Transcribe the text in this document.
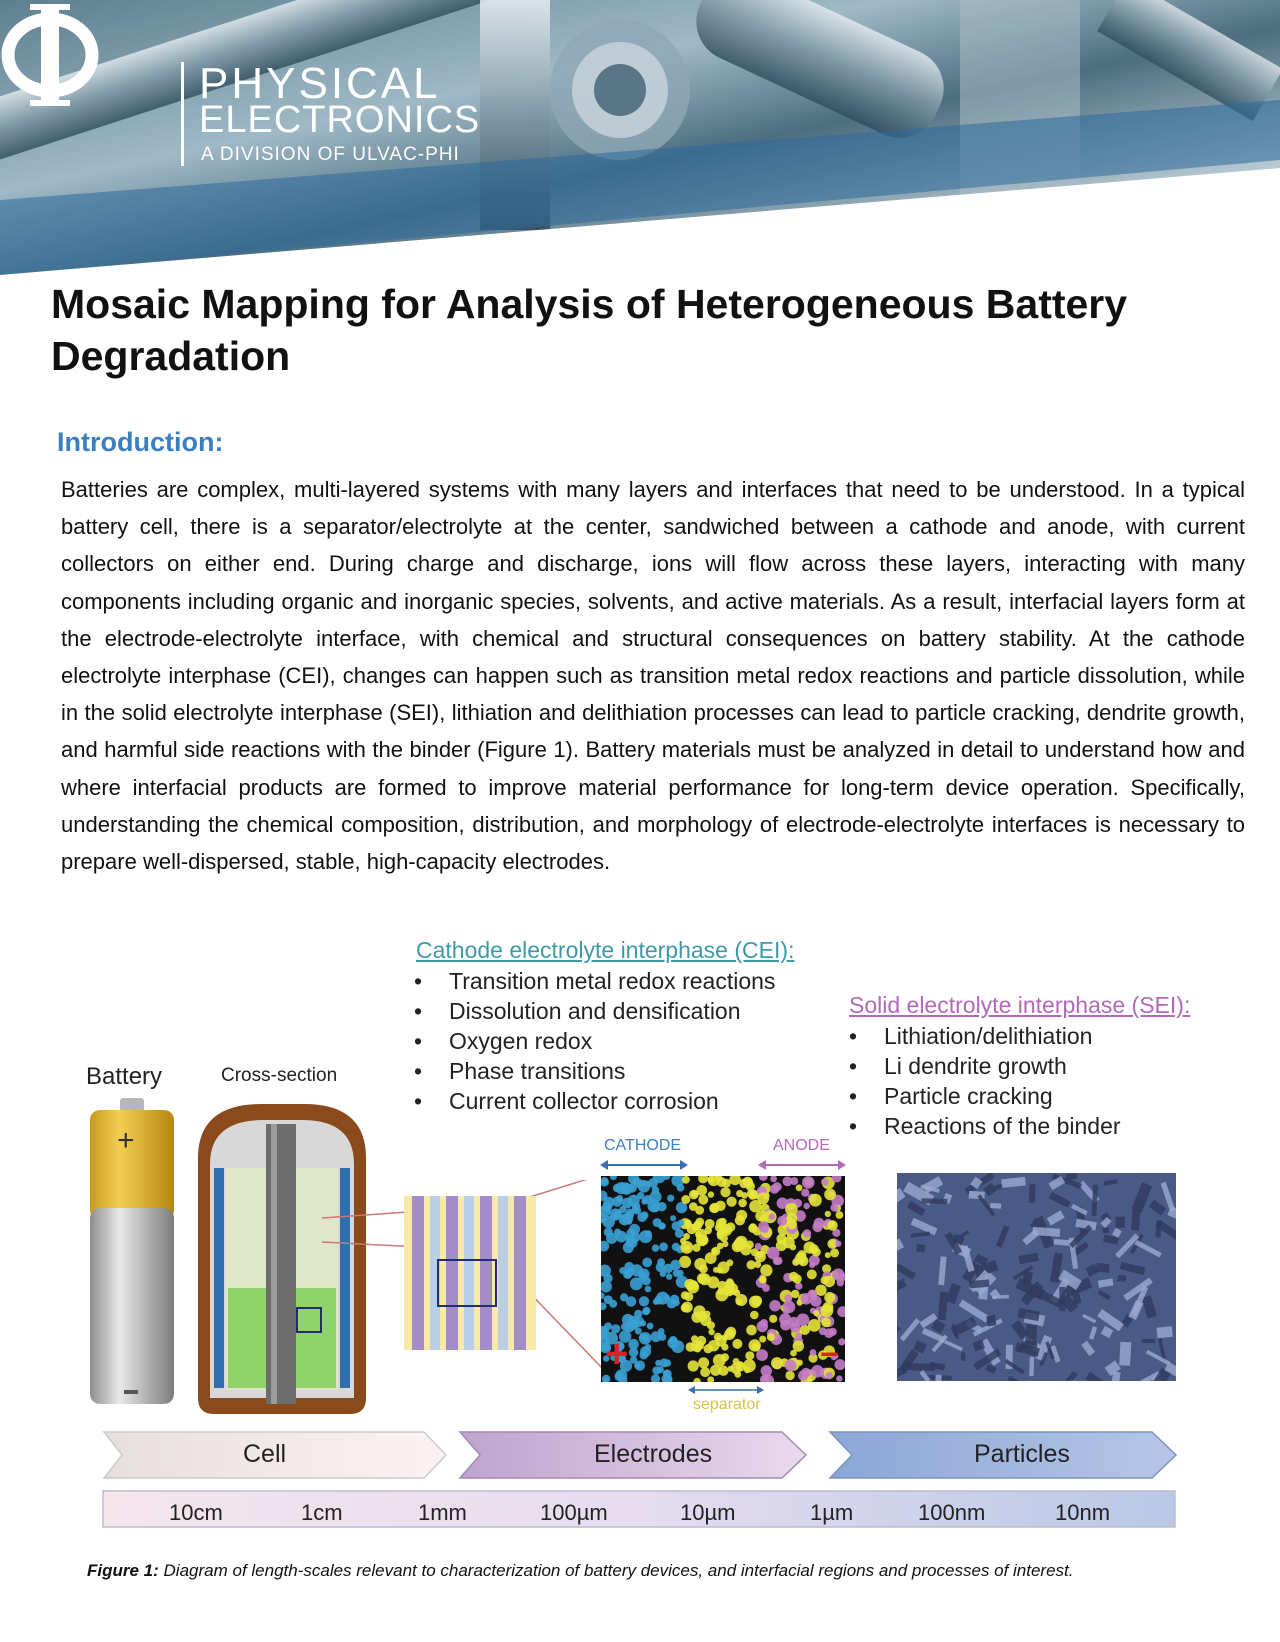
PHYSICAL
ELECTRONICS
A DIVISION OF ULVAC-PHI
Mosaic Mapping for Analysis of Heterogeneous Battery Degradation
Introduction:

Batteries are complex, multi-layered systems with many layers and interfaces that need to be understood. In a typical battery cell, there is a separator/electrolyte at the center, sandwiched between a cathode and anode, with current collectors on either end. During charge and discharge, ions will flow across these layers, interacting with many components including organic and inorganic species, solvents, and active materials. As a result, interfacial layers form at the electrode-electrolyte interface, with chemical and structural consequences on battery stability. At the cathode electrolyte interphase (CEI), changes can happen such as transition metal redox reactions and particle dissolution, while in the solid electrolyte interphase (SEI), lithiation and delithiation processes can lead to particle cracking, dendrite growth, and harmful side reactions with the binder (Figure 1). Battery materials must be analyzed in detail to understand how and where interfacial products are formed to improve material performance for long-term device operation. Specifically, understanding the chemical composition, distribution, and morphology of electrode-electrolyte interfaces is necessary to prepare well-dispersed, stable, high-capacity electrodes.

Battery	Cross-section
Cathode electrolyte interphase (CEI):
• Transition metal redox reactions
• Dissolution and densification
• Oxygen redox
• Phase transitions
• Current collector corrosion
Solid electrolyte interphase (SEI):
• Lithiation/delithiation
• Li dendrite growth
• Particle cracking
• Reactions of the binder
+	CATHODE	ANODE
+	−
separator
Cell	Electrodes	Particles
10cm	1cm	1mm	100µm	10µm	1µm	100nm	10nm
Figure 1: Diagram of length-scales relevant to characterization of battery devices, and interfacial regions and processes of interest.
